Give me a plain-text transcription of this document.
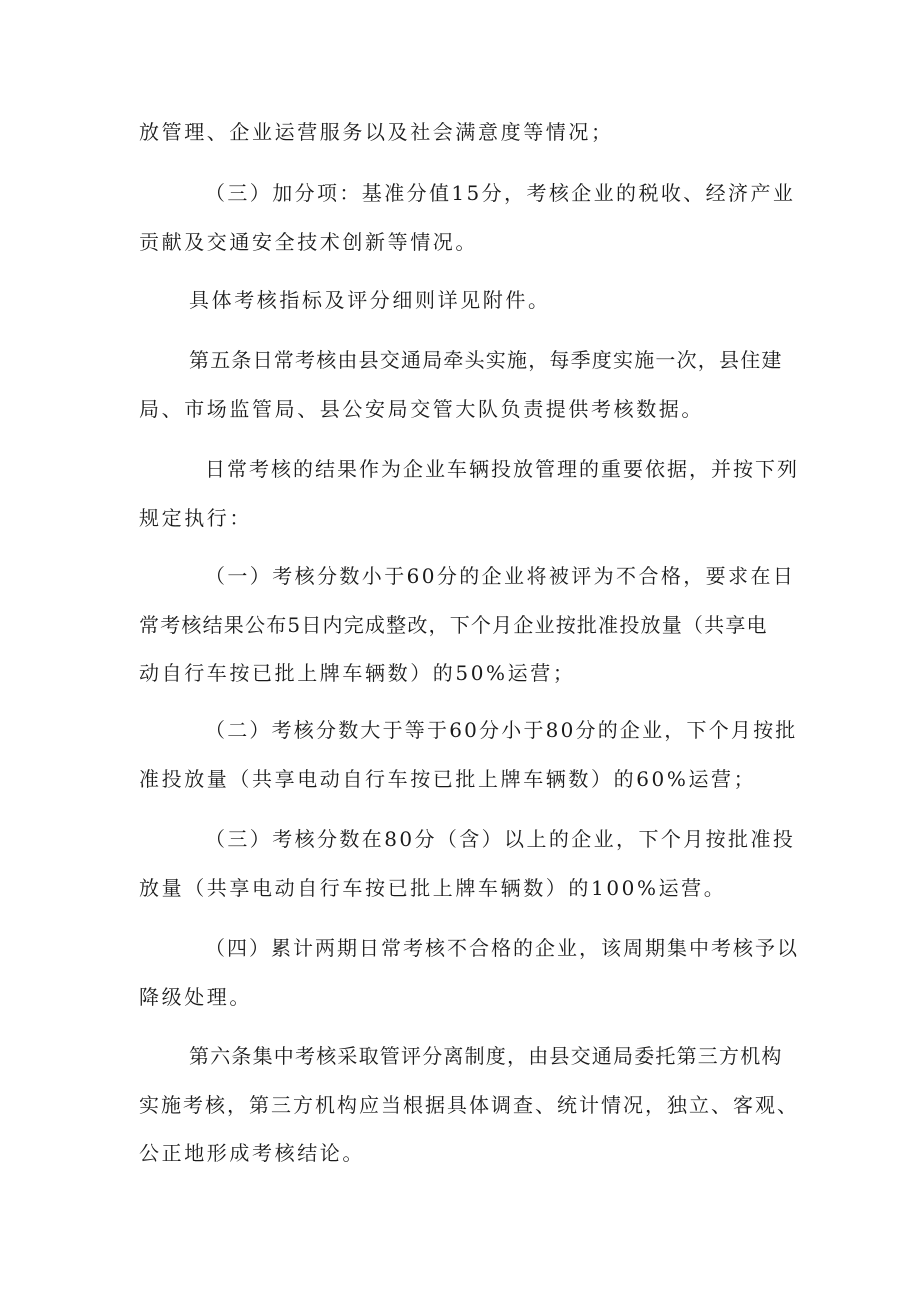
放管理、企业运营服务以及社会满意度等情况；
（三）加分项：基准分值15分，考核企业的税收、经济产业
贡献及交通安全技术创新等情况。
具体考核指标及评分细则详见附件。
第五条日常考核由县交通局牵头实施，每季度实施一次，县住建
局、市场监管局、县公安局交管大队负责提供考核数据。
日常考核的结果作为企业车辆投放管理的重要依据，并按下列
规定执行：
（一）考核分数小于60分的企业将被评为不合格，要求在日
常考核结果公布5日内完成整改，下个月企业按批准投放量（共享电
动自行车按已批上牌车辆数）的50%运营；
（二）考核分数大于等于60分小于80分的企业，下个月按批
准投放量（共享电动自行车按已批上牌车辆数）的60%运营；
（三）考核分数在80分（含）以上的企业，下个月按批准投
放量（共享电动自行车按已批上牌车辆数）的100%运营。
（四）累计两期日常考核不合格的企业，该周期集中考核予以
降级处理。
第六条集中考核采取管评分离制度，由县交通局委托第三方机构
实施考核，第三方机构应当根据具体调查、统计情况，独立、客观、
公正地形成考核结论。
